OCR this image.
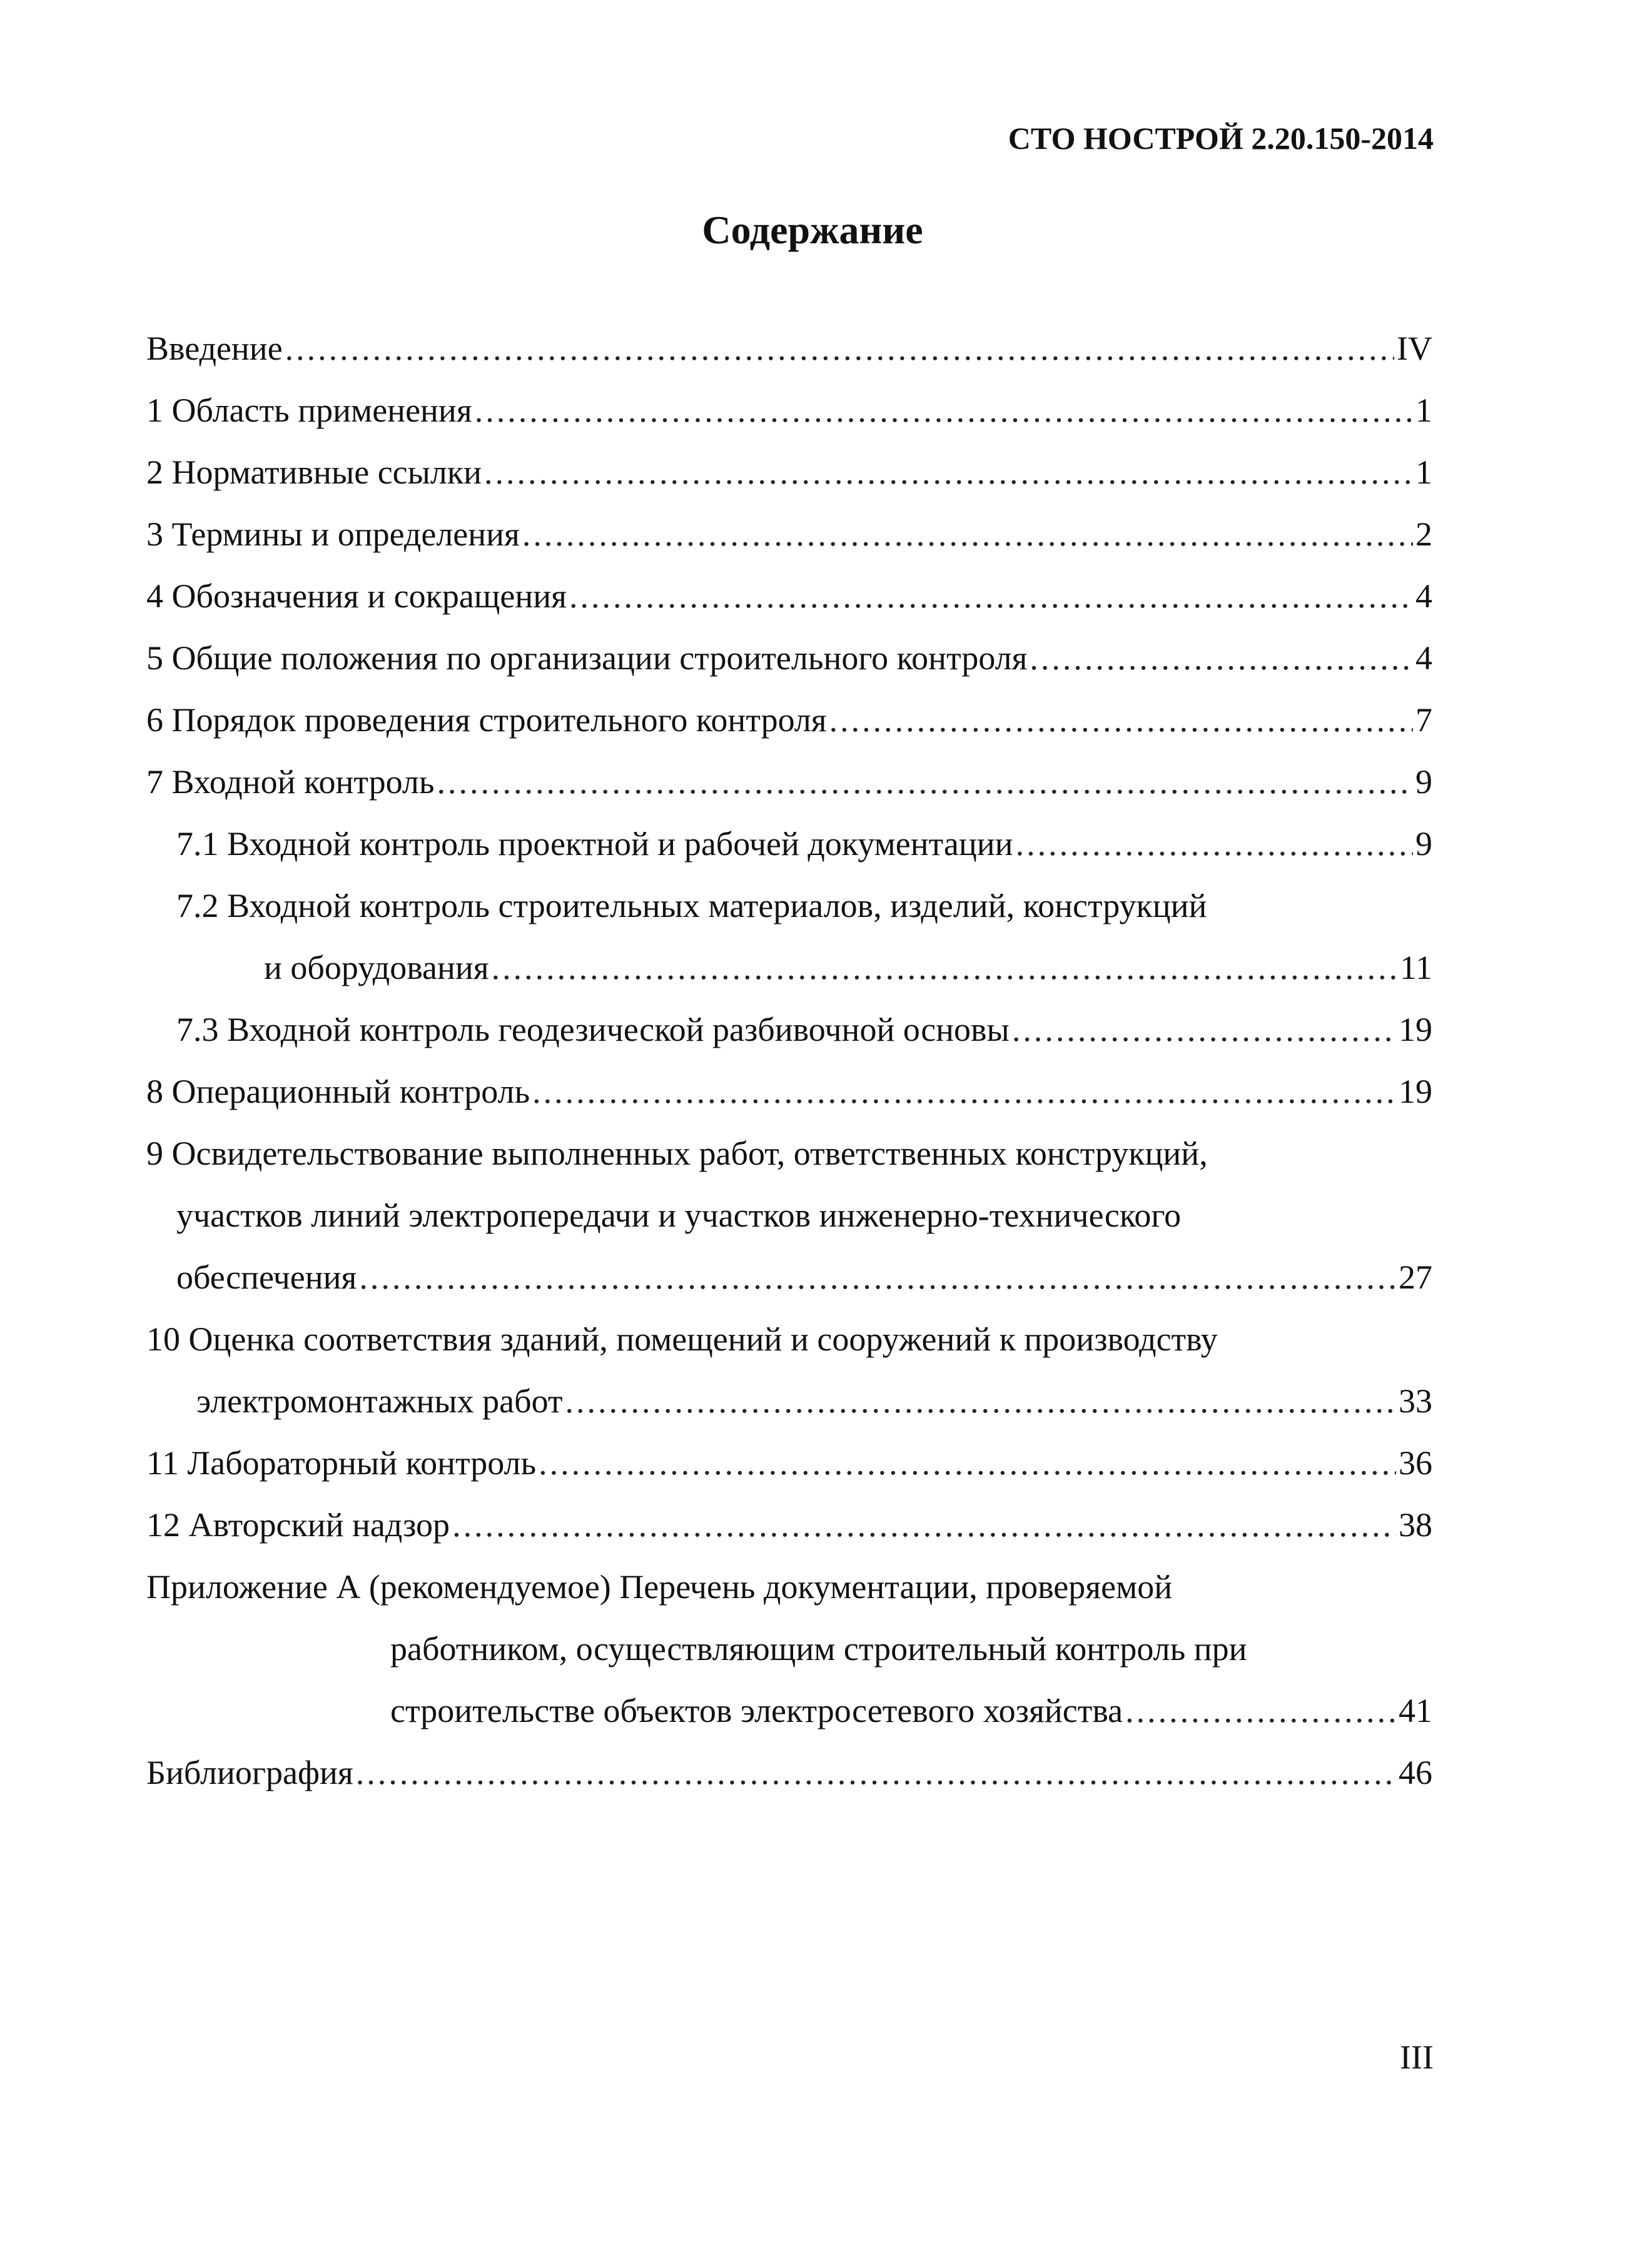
СТО НОСТРОЙ 2.20.150-2014
Содержание
Введение .....	IV
1 Область применения .....	1
2 Нормативные ссылки .....	1
3 Термины и определения .....	2
4 Обозначения и сокращения .....	4
5 Общие положения по организации строительного контроля .....	4
6 Порядок проведения строительного контроля .....	7
7 Входной контроль .....	9
7.1 Входной контроль проектной и рабочей документации .....	9
7.2 Входной контроль строительных материалов, изделий, конструкций
и оборудования .....	11
7.3 Входной контроль геодезической разбивочной основы .....	19
8 Операционный контроль .....	19
9 Освидетельствование выполненных работ, ответственных конструкций,
участков линий электропередачи и участков инженерно-технического
обеспечения .....	27
10 Оценка соответствия зданий, помещений и сооружений к производству
электромонтажных работ .....	33
11 Лабораторный контроль .....	36
12 Авторский надзор .....	38
Приложение А (рекомендуемое) Перечень документации, проверяемой
работником, осуществляющим строительный контроль при
строительстве объектов электросетевого хозяйства .....	41
Библиография .....	46
III
